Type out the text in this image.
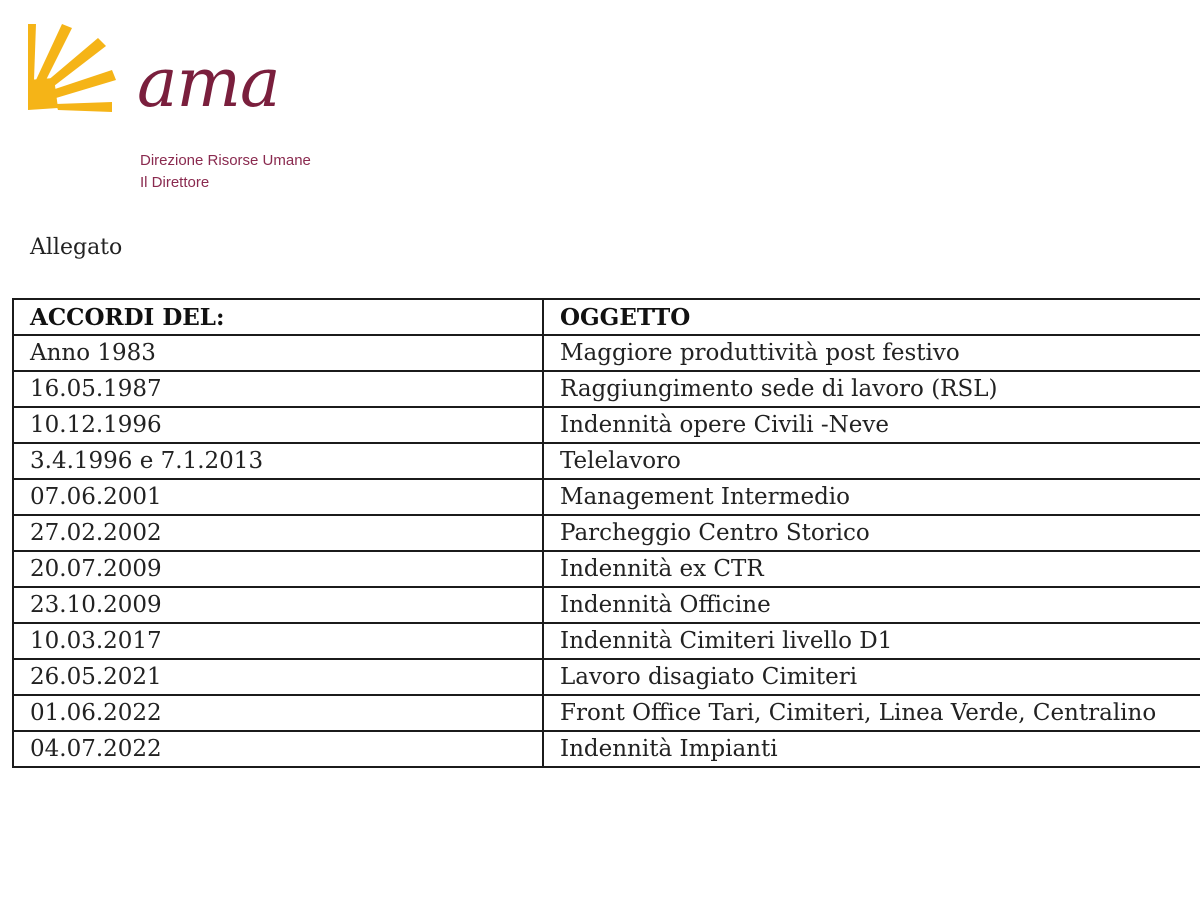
ama
Direzione Risorse Umane
Il Direttore
Allegato
ACCORDI DEL:	OGGETTO
Anno 1983	Maggiore produttività post festivo
16.05.1987	Raggiungimento sede di lavoro (RSL)
10.12.1996	Indennità opere Civili -Neve
3.4.1996 e 7.1.2013	Telelavoro
07.06.2001	Management Intermedio
27.02.2002	Parcheggio Centro Storico
20.07.2009	Indennità ex CTR
23.10.2009	Indennità Officine
10.03.2017	Indennità Cimiteri livello D1
26.05.2021	Lavoro disagiato Cimiteri
01.06.2022	Front Office Tari, Cimiteri, Linea Verde, Centralino
04.07.2022	Indennità Impianti
